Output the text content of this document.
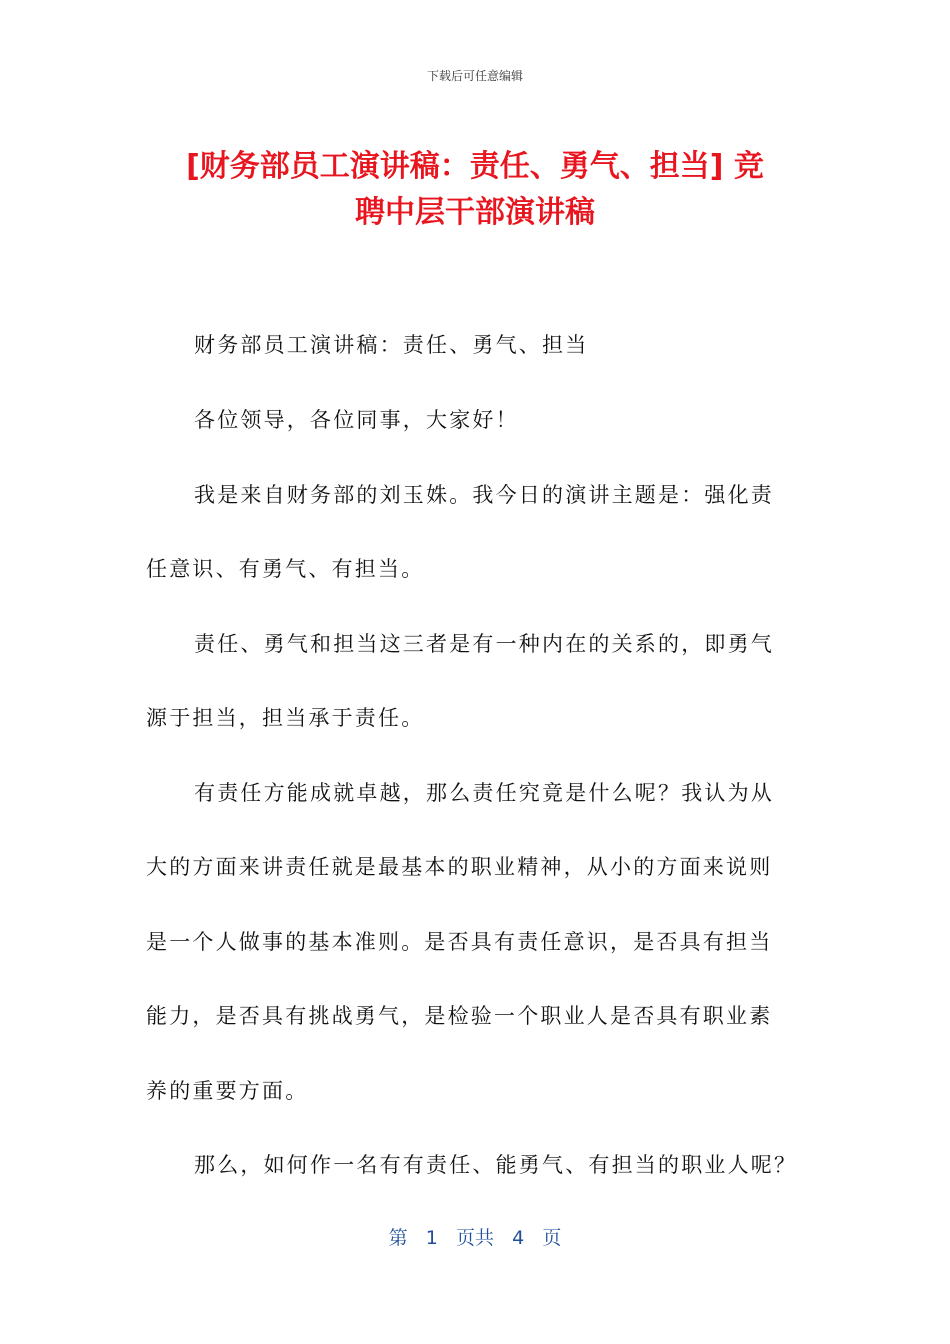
下载后可任意编辑
[财务部员工演讲稿：责任、勇气、担当] 竞
聘中层干部演讲稿
财务部员工演讲稿：责任、勇气、担当
各位领导，各位同事，大家好！
我是来自财务部的刘玉姝。我今日的演讲主题是：强化责
任意识、有勇气、有担当。
责任、勇气和担当这三者是有一种内在的关系的，即勇气
源于担当，担当承于责任。
有责任方能成就卓越，那么责任究竟是什么呢？我认为从
大的方面来讲责任就是最基本的职业精神，从小的方面来说则
是一个人做事的基本准则。是否具有责任意识，是否具有担当
能力，是否具有挑战勇气，是检验一个职业人是否具有职业素
养的重要方面。
那么，如何作一名有有责任、能勇气、有担当的职业人呢？
第 1 页共 4 页
